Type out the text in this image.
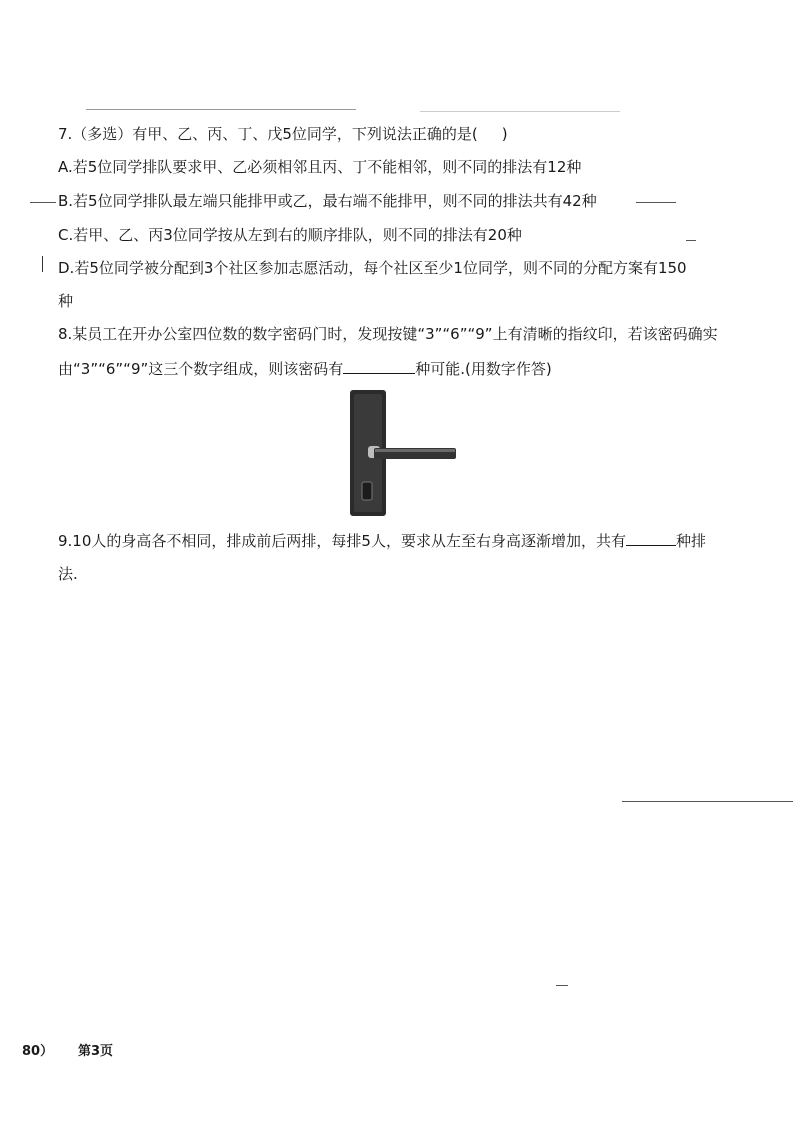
7.（多选）有甲、乙、丙、丁、戊5位同学，下列说法正确的是( )
A.若5位同学排队要求甲、乙必须相邻且丙、丁不能相邻，则不同的排法有12种
B.若5位同学排队最左端只能排甲或乙，最右端不能排甲，则不同的排法共有42种
C.若甲、乙、丙3位同学按从左到右的顺序排队，则不同的排法有20种
D.若5位同学被分配到3个社区参加志愿活动，每个社区至少1位同学，则不同的分配方案有150
种
8.某员工在开办公室四位数的数字密码门时，发现按键“3”“6”“9”上有清晰的指纹印，若该密码确实
由“3”“6”“9”这三个数字组成，则该密码有	种可能.(用数字作答)
9.10人的身高各不相同，排成前后两排，每排5人，要求从左至右身高逐渐增加，共有	种排
法.
80） 第3页
